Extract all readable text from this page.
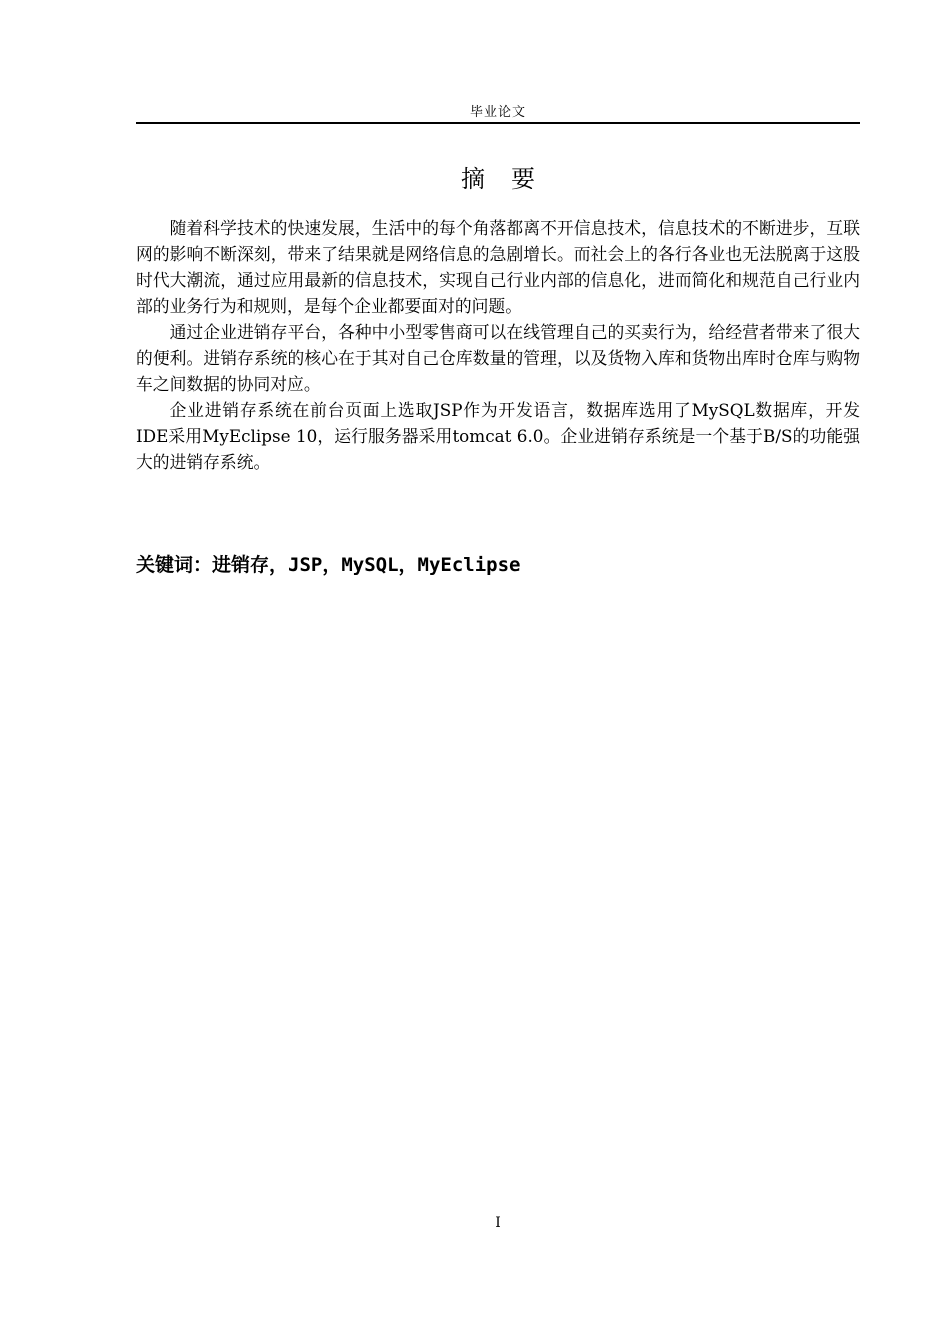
毕业论文
摘要

随着科学技术的快速发展，生活中的每个角落都离不开信息技术，信息技术的不断进步，互联网的影响不断深刻，带来了结果就是网络信息的急剧增长。而社会上的各行各业也无法脱离于这股时代大潮流，通过应用最新的信息技术，实现自己行业内部的信息化，进而简化和规范自己行业内部的业务行为和规则，是每个企业都要面对的问题。

通过企业进销存平台，各种中小型零售商可以在线管理自己的买卖行为，给经营者带来了很大的便利。进销存系统的核心在于其对自己仓库数量的管理，以及货物入库和货物出库时仓库与购物车之间数据的协同对应。

企业进销存系统在前台页面上选取JSP作为开发语言，数据库选用了MySQL数据库，开发IDE采用MyEclipse 10，运行服务器采用tomcat 6.0。企业进销存系统是一个基于B/S的功能强大的进销存系统。

关键词：进销存，JSP，MySQL，MyEclipse
I
